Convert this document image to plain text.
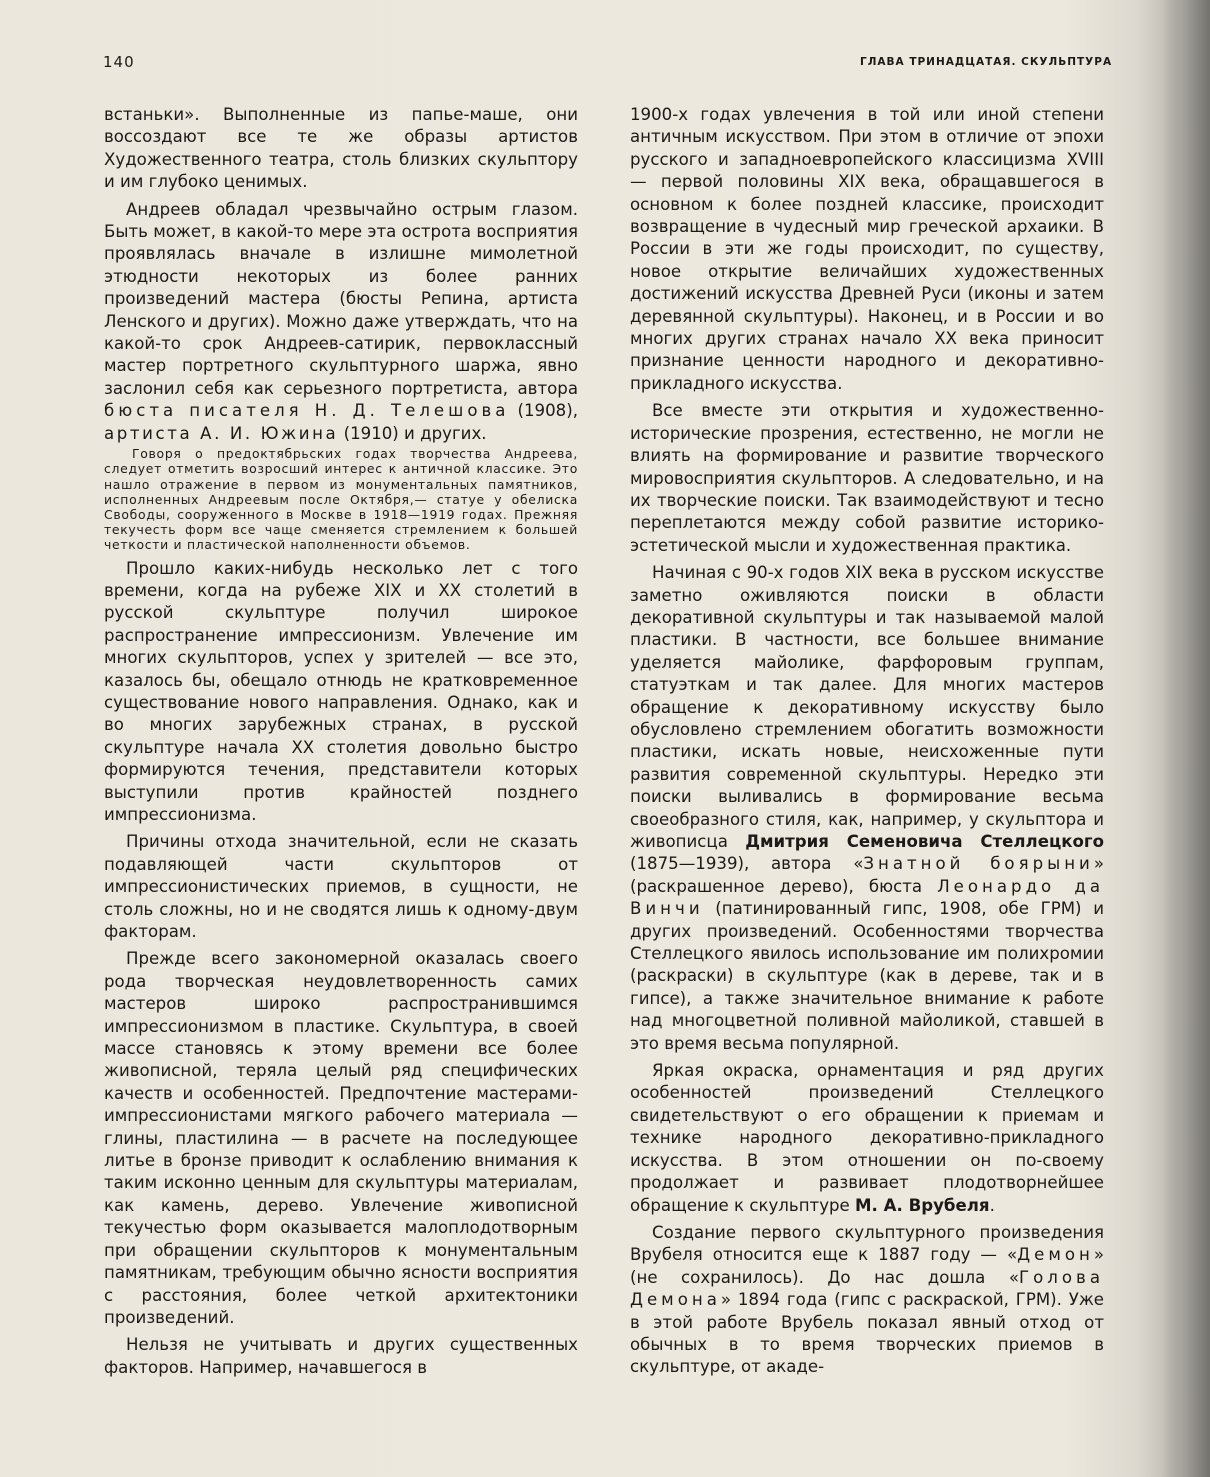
140	ГЛАВА ТРИНАДЦАТАЯ. СКУЛЬПТУРА

встаньки». Выполненные из папье-маше, они воссоздают все те же образы артистов Художественного театра, столь близких скульптору и им глубоко ценимых.

Андреев обладал чрезвычайно острым глазом. Быть может, в какой-то мере эта острота восприятия проявлялась вначале в излишне мимолетной этюдности некоторых из более ранних произведений мастера (бюсты Репина, артиста Ленского и других). Можно даже утверждать, что на какой-то срок Андреев-сатирик, первоклассный мастер портретного скульптурного шаржа, явно заслонил себя как серьезного портретиста, автора бюста писателя Н. Д. Телешова (1908), артиста А. И. Южина (1910) и других.

Говоря о предоктябрьских годах творчества Андреева, следует отметить возросший интерес к античной классике. Это нашло отражение в первом из монументальных памятников, исполненных Андреевым после Октября,— статуе у обелиска Свободы, сооруженного в Москве в 1918—1919 годах. Прежняя текучесть форм все чаще сменяется стремлением к большей четкости и пластической наполненности объемов.

Прошло каких-нибудь несколько лет с того времени, когда на рубеже XIX и XX столетий в русской скульптуре получил широкое распространение импрессионизм. Увлечение им многих скульпторов, успех у зрителей — все это, казалось бы, обещало отнюдь не кратковременное существование нового направления. Однако, как и во многих зарубежных странах, в русской скульптуре начала XX столетия довольно быстро формируются течения, представители которых выступили против крайностей позднего импрессионизма.

Причины отхода значительной, если не сказать подавляющей части скульпторов от импрессионистических приемов, в сущности, не столь сложны, но и не сводятся лишь к одному-двум факторам.

Прежде всего закономерной оказалась своего рода творческая неудовлетворенность самих мастеров широко распространившимся импрессионизмом в пластике. Скульптура, в своей массе становясь к этому времени все более живописной, теряла целый ряд специфических качеств и особенностей. Предпочтение мастерами-импрессионистами мягкого рабочего материала — глины, пластилина — в расчете на последующее литье в бронзе приводит к ослаблению внимания к таким исконно ценным для скульптуры материалам, как камень, дерево. Увлечение живописной текучестью форм оказывается малоплодотворным при обращении скульпторов к монументальным памятникам, требующим обычно ясности восприятия с расстояния, более четкой архитектоники произведений.

Нельзя не учитывать и других существенных факторов. Например, начавшегося в

1900-х годах увлечения в той или иной степени античным искусством. При этом в отличие от эпохи русского и западноевропейского классицизма XVIII — первой половины XIX века, обращавшегося в основном к более поздней классике, происходит возвращение в чудесный мир греческой архаики. В России в эти же годы происходит, по существу, новое открытие величайших художественных достижений искусства Древней Руси (иконы и затем деревянной скульптуры). Наконец, и в России и во многих других странах начало XX века приносит признание ценности народного и декоративно-прикладного искусства.

Все вместе эти открытия и художественно-исторические прозрения, естественно, не могли не влиять на формирование и развитие творческого мировосприятия скульпторов. А следовательно, и на их творческие поиски. Так взаимодействуют и тесно переплетаются между собой развитие историко-эстетической мысли и художественная практика.

Начиная с 90-х годов XIX века в русском искусстве заметно оживляются поиски в области декоративной скульптуры и так называемой малой пластики. В частности, все большее внимание уделяется майолике, фарфоровым группам, статуэткам и так далее. Для многих мастеров обращение к декоративному искусству было обусловлено стремлением обогатить возможности пластики, искать новые, неисхоженные пути развития современной скульптуры. Нередко эти поиски выливались в формирование весьма своеобразного стиля, как, например, у скульптора и живописца Дмитрия Семеновича Стеллецкого (1875—1939), автора «Знатной боярыни» (раскрашенное дерево), бюста Леонардо да Винчи (патинированный гипс, 1908, обе ГРМ) и других произведений. Особенностями творчества Стеллецкого явилось использование им полихромии (раскраски) в скульптуре (как в дереве, так и в гипсе), а также значительное внимание к работе над многоцветной поливной майоликой, ставшей в это время весьма популярной.

Яркая окраска, орнаментация и ряд других особенностей произведений Стеллецкого свидетельствуют о его обращении к приемам и технике народного декоративно-прикладного искусства. В этом отношении он по-своему продолжает и развивает плодотворнейшее обращение к скульптуре М. А. Врубеля.

Создание первого скульптурного произведения Врубеля относится еще к 1887 году — «Демон» (не сохранилось). До нас дошла «Голова Демона» 1894 года (гипс с раскраской, ГРМ). Уже в этой работе Врубель показал явный отход от обычных в то время творческих приемов в скульптуре, от акаде-
